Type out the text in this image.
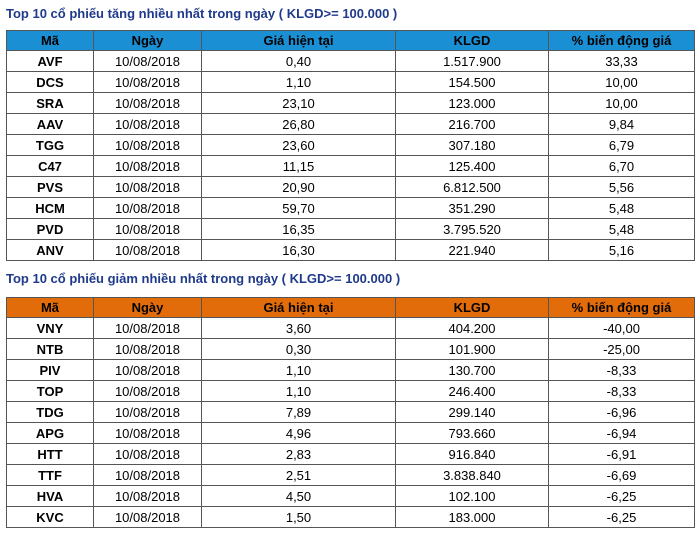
Top 10 cổ phiếu tăng nhiều nhất trong ngày ( KLGD>= 100.000 )
Mã	Ngày	Giá hiện tại	KLGD	% biến động giá
AVF	10/08/2018	0,40	1.517.900	33,33
DCS	10/08/2018	1,10	154.500	10,00
SRA	10/08/2018	23,10	123.000	10,00
AAV	10/08/2018	26,80	216.700	9,84
TGG	10/08/2018	23,60	307.180	6,79
C47	10/08/2018	11,15	125.400	6,70
PVS	10/08/2018	20,90	6.812.500	5,56
HCM	10/08/2018	59,70	351.290	5,48
PVD	10/08/2018	16,35	3.795.520	5,48
ANV	10/08/2018	16,30	221.940	5,16
Top 10 cổ phiếu giảm nhiều nhất trong ngày ( KLGD>= 100.000 )
Mã	Ngày	Giá hiện tại	KLGD	% biến động giá
VNY	10/08/2018	3,60	404.200	-40,00
NTB	10/08/2018	0,30	101.900	-25,00
PIV	10/08/2018	1,10	130.700	-8,33
TOP	10/08/2018	1,10	246.400	-8,33
TDG	10/08/2018	7,89	299.140	-6,96
APG	10/08/2018	4,96	793.660	-6,94
HTT	10/08/2018	2,83	916.840	-6,91
TTF	10/08/2018	2,51	3.838.840	-6,69
HVA	10/08/2018	4,50	102.100	-6,25
KVC	10/08/2018	1,50	183.000	-6,25
